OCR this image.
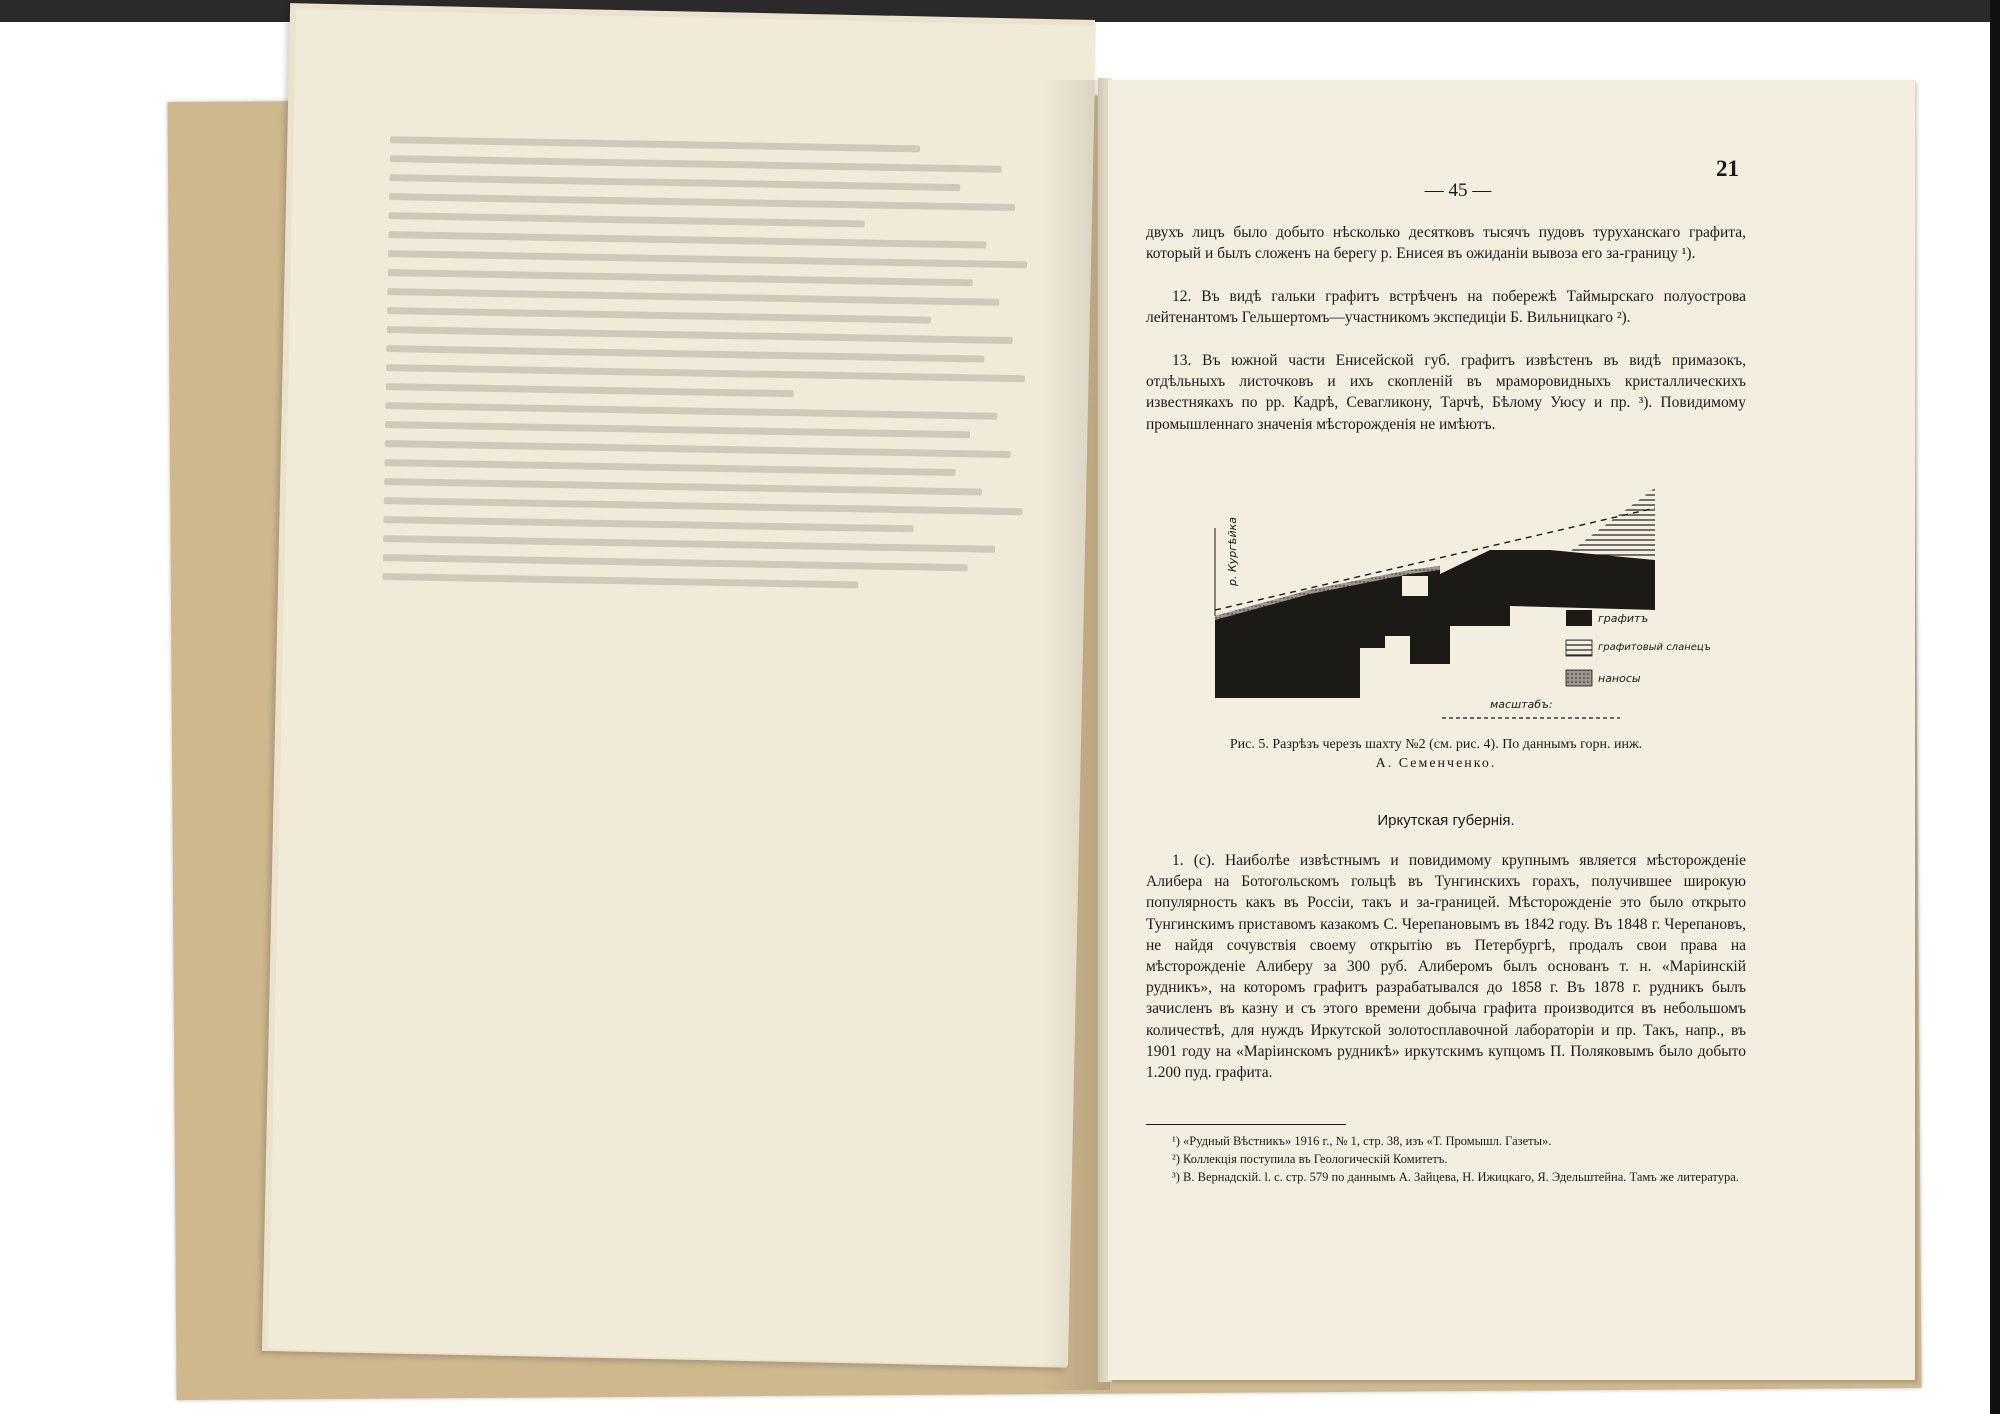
— 45 —
21
двухъ лицъ было добыто нѣсколько десятковъ тысячъ пудовъ туруханскаго графита, который и былъ сложенъ на берегу р. Енисея въ ожиданіи вывоза его за-границу ¹).
12. Въ видѣ гальки графитъ встрѣченъ на побережѣ Таймырскаго полуострова лейтенантомъ Гельшертомъ—участникомъ экспедиціи Б. Вильницкаго ²).
13. Въ южной части Енисейской губ. графитъ извѣстенъ въ видѣ примазокъ, отдѣльныхъ листочковъ и ихъ скопленій въ мраморовидныхъ кристаллическихъ известнякахъ по рр. Кадрѣ, Севагликону, Тарчѣ, Бѣлому Уюсу и пр. ³). Повидимому промышленнаго значенія мѣсторожденія не имѣютъ.
р. Кургѣйка
графитъ
графитовый сланецъ
наносы
масштабъ:
Рис. 5. Разрѣзъ черезъ шахту №2 (см. рис. 4). По даннымъ горн. инж.
А. Семенченко.
Иркутская губернія.
1. (с). Наиболѣе извѣстнымъ и повидимому крупнымъ является мѣсторожденіе Алибера на Ботогольскомъ гольцѣ въ Тунгинскихъ горахъ, получившее широкую популярность какъ въ Россіи, такъ и за-границей. Мѣсторожденіе это было открыто Тунгинскимъ приставомъ казакомъ С. Черепановымъ въ 1842 году. Въ 1848 г. Черепановъ, не найдя сочувствія своему открытію въ Петербургѣ, продалъ свои права на мѣсторожденіе Алиберу за 300 руб. Алиберомъ былъ основанъ т. н. «Маріинскій рудникъ», на которомъ графитъ разрабатывался до 1858 г. Въ 1878 г. рудникъ былъ зачисленъ въ казну и съ этого времени добыча графита производится въ небольшомъ количествѣ, для нуждъ Иркутской золотосплавочной лабораторіи и пр. Такъ, напр., въ 1901 году на «Маріинскомъ рудникѣ» иркутскимъ купцомъ П. Поляковымъ было добыто 1.200 пуд. графита.
¹) «Рудный Вѣстникъ» 1916 г., № 1, стр. 38, изъ «Т. Промышл. Газеты».
²) Коллекція поступила въ Геологическій Комитетъ.
³) В. Вернадскій. l. c. стр. 579 по даннымъ А. Зайцева, Н. Ижицкаго, Я. Эдельштейна. Тамъ же литература.
